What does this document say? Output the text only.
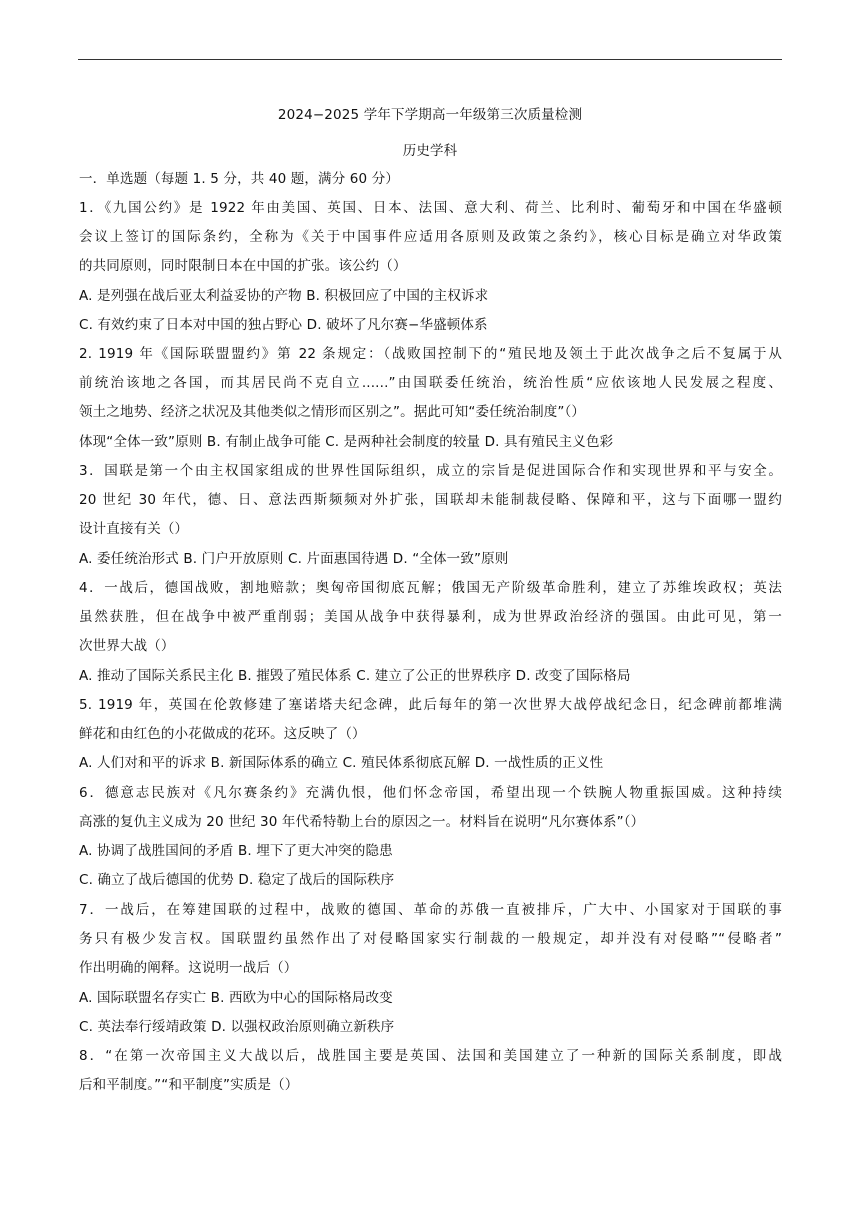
2024−2025 学年下学期高一年级第三次质量检测
历史学科
一．单选题（每题 1. 5 分，共 40 题，满分 60 分）
1．《九国公约》是 1922 年由美国、英国、日本、法国、意大利、荷兰、比利时、葡萄牙和中国在华盛顿
会议上签订的国际条约，全称为《关于中国事件应适用各原则及政策之条约》，核心目标是确立对华政策
的共同原则，同时限制日本在中国的扩张。该公约（）
A. 是列强在战后亚太利益妥协的产物 B. 积极回应了中国的主权诉求
C. 有效约束了日本对中国的独占野心 D. 破坏了凡尔赛−华盛顿体系
2. 1919 年《国际联盟盟约》第 22 条规定：（战败国控制下的“殖民地及领土于此次战争之后不复属于从
前统治该地之各国，而其居民尚不克自立......”由国联委任统治，统治性质“应依该地人民发展之程度、
领土之地势、经济之状况及其他类似之情形而区别之”。据此可知“委任统治制度”（）
体现“全体一致”原则 B. 有制止战争可能 C. 是两种社会制度的较量 D. 具有殖民主义色彩
3．国联是第一个由主权国家组成的世界性国际组织，成立的宗旨是促进国际合作和实现世界和平与安全。
20 世纪 30 年代，德、日、意法西斯频频对外扩张，国联却未能制裁侵略、保障和平，这与下面哪一盟约
设计直接有关（）
A. 委任统治形式 B. 门户开放原则 C. 片面惠国待遇 D. “全体一致”原则
4．一战后，德国战败，割地赔款；奥匈帝国彻底瓦解；俄国无产阶级革命胜利，建立了苏维埃政权；英法
虽然获胜，但在战争中被严重削弱；美国从战争中获得暴利，成为世界政治经济的强国。由此可见，第一
次世界大战（）
A. 推动了国际关系民主化 B. 摧毁了殖民体系 C. 建立了公正的世界秩序 D. 改变了国际格局
5. 1919 年，英国在伦敦修建了塞诺塔夫纪念碑，此后每年的第一次世界大战停战纪念日，纪念碑前都堆满
鲜花和由红色的小花做成的花环。这反映了（）
A. 人们对和平的诉求 B. 新国际体系的确立 C. 殖民体系彻底瓦解 D. 一战性质的正义性
6．德意志民族对《凡尔赛条约》充满仇恨，他们怀念帝国，希望出现一个铁腕人物重振国威。这种持续
高涨的复仇主义成为 20 世纪 30 年代希特勒上台的原因之一。材料旨在说明“凡尔赛体系”（）
A. 协调了战胜国间的矛盾 B. 埋下了更大冲突的隐患
C. 确立了战后德国的优势 D. 稳定了战后的国际秩序
7．一战后，在筹建国联的过程中，战败的德国、革命的苏俄一直被排斥，广大中、小国家对于国联的事
务只有极少发言权。国联盟约虽然作出了对侵略国家实行制裁的一般规定，却并没有对侵略”“侵略者”
作出明确的阐释。这说明一战后（）
A. 国际联盟名存实亡 B. 西欧为中心的国际格局改变
C. 英法奉行绥靖政策 D. 以强权政治原则确立新秩序
8．“在第一次帝国主义大战以后，战胜国主要是英国、法国和美国建立了一种新的国际关系制度，即战
后和平制度。”“和平制度”实质是（）
